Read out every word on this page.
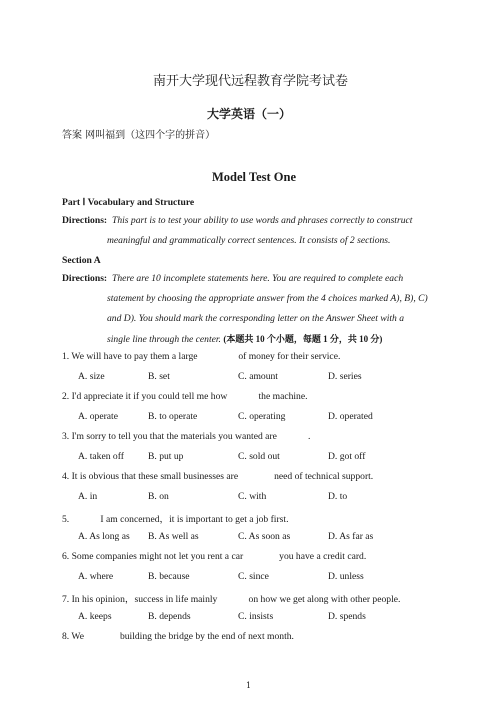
南开大学现代远程教育学院考试卷
大学英语（一）
答案 网叫福到（这四个字的拼音）
Model Test One
Part Ⅰ Vocabulary and Structure
Directions: This part is to test your ability to use words and phrases correctly to construct
meaningful and grammatically correct sentences. It consists of 2 sections.
Section A
Directions: There are 10 incomplete statements here. You are required to complete each
statement by choosing the appropriate answer from the 4 choices marked A), B), C)
and D). You should mark the corresponding letter on the Answer Sheet with a
single line through the center. (本题共 10 个小题，每题 1 分，共 10 分)
1. We will have to pay them a large                 of money for their service.
A. size	B. set	C. amount	D. series
2. I'd appreciate it if you could tell me how             the machine.
A. operate	B. to operate	C. operating	D. operated
3. I'm sorry to tell you that the materials you wanted are             .
A. taken off	B. put up	C. sold out	D. got off
4. It is obvious that these small businesses are               need of technical support.
A. in	B. on	C. with	D. to
5.             I am concerned，it is important to get a job first.
A. As long as B. As well as	C. As soon as	D. As far as
6. Some companies might not let you rent a car               you have a credit card.
A. where	B. because	C. since	D. unless
7. In his opinion，success in life mainly             on how we get along with other people.
A. keeps	B. depends	C. insists	D. spends
8. We               building the bridge by the end of next month.
1
